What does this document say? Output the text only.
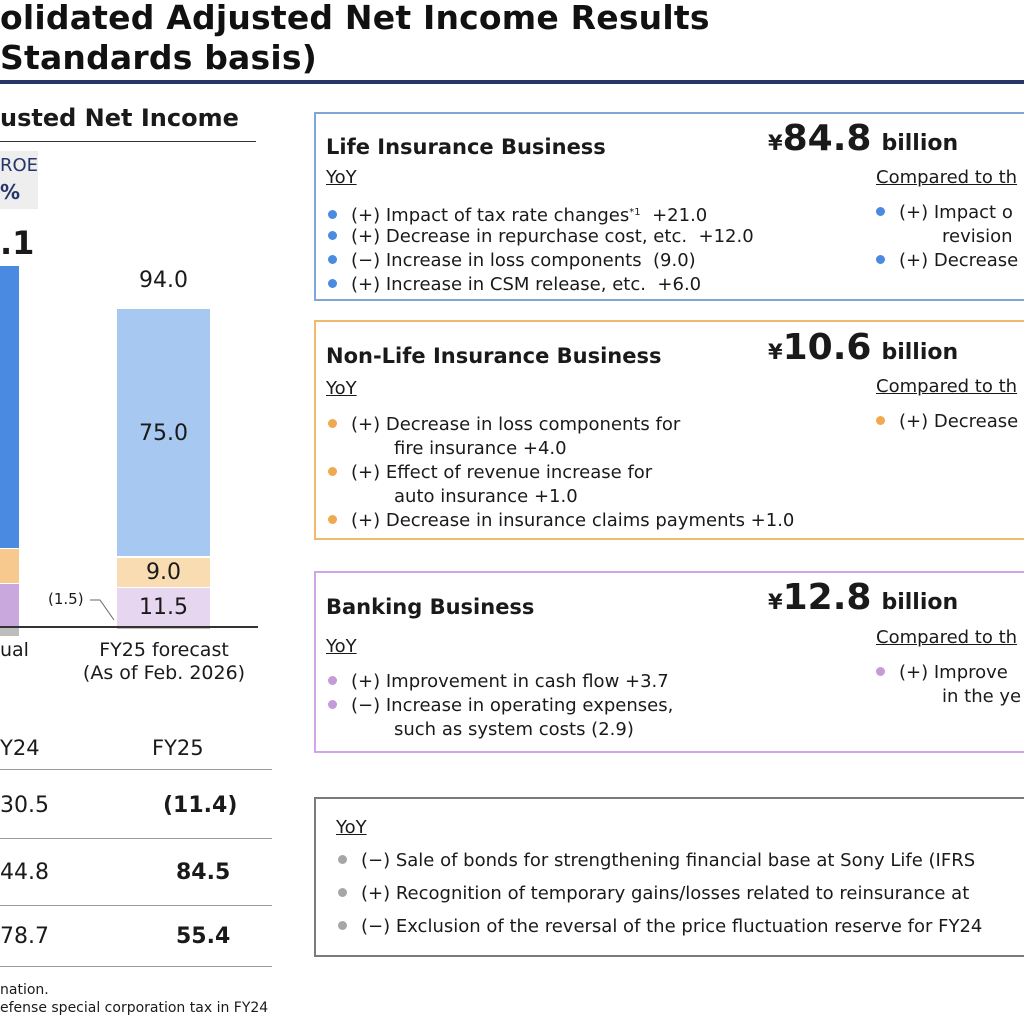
olidated Adjusted Net Income Results
Standards basis)
usted Net Income
ROE
%
.1
94.0
75.0
9.0
11.5
(1.5)
ual	FY25 forecast
(As of Feb. 2026)
Y24	FY25
30.5	(11.4)
44.8	84.5
78.7	55.4
nation.
efense special corporation tax in FY24
Life Insurance Business	¥84.8 billion
YoY	Compared to th
(+) Impact of tax rate changes$^{*1}$ +21.0
(+) Decrease in repurchase cost, etc. +12.0
(−) Increase in loss components (9.0)
(+) Increase in CSM release, etc. +6.0
(+) Impact o
revision
(+) Decrease
Non-Life Insurance Business	¥10.6 billion
YoY	Compared to th
(+) Decrease in loss components for
fire insurance +4.0
(+) Effect of revenue increase for
auto insurance +1.0
(+) Decrease in insurance claims payments +1.0
(+) Decrease
Banking Business	¥12.8 billion
YoY	Compared to th
(+) Improvement in cash flow +3.7
(−) Increase in operating expenses,
such as system costs (2.9)
(+) Improve
in the ye
YoY
(−) Sale of bonds for strengthening financial base at Sony Life (IFRS
(+) Recognition of temporary gains/losses related to reinsurance at
(−) Exclusion of the reversal of the price fluctuation reserve for FY24
